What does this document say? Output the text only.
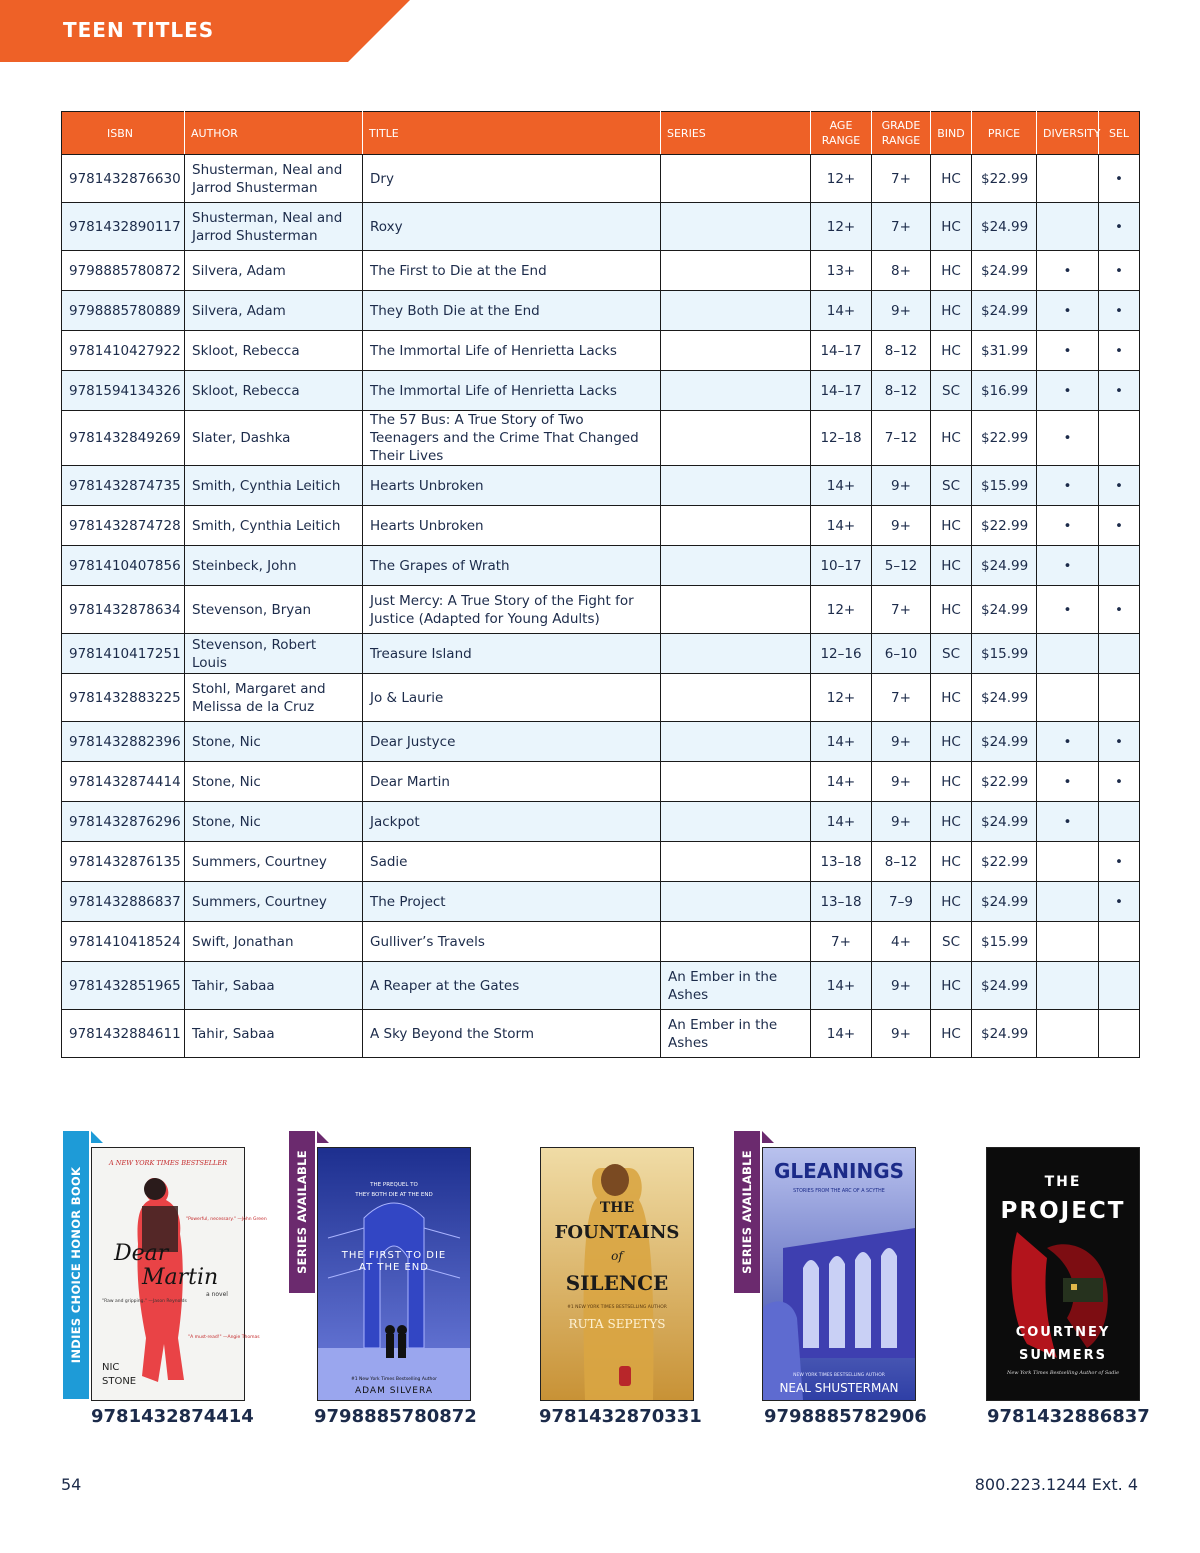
TEEN TITLES
ISBN	AUTHOR	TITLE	SERIES	AGE RANGE	GRADE RANGE	BIND	PRICE	DIVERSITY	SEL
9781432876630	Shusterman, Neal and Jarrod Shusterman	Dry		12+	7+	HC	$22.99		•
9781432890117	Shusterman, Neal and Jarrod Shusterman	Roxy		12+	7+	HC	$24.99		•
9798885780872	Silvera, Adam	The First to Die at the End		13+	8+	HC	$24.99	•	•
9798885780889	Silvera, Adam	They Both Die at the End		14+	9+	HC	$24.99	•	•
9781410427922	Skloot, Rebecca	The Immortal Life of Henrietta Lacks		14–17	8–12	HC	$31.99	•	•
9781594134326	Skloot, Rebecca	The Immortal Life of Henrietta Lacks		14–17	8–12	SC	$16.99	•	•
9781432849269	Slater, Dashka	The 57 Bus: A True Story of Two Teenagers and the Crime That Changed Their Lives		12–18	7–12	HC	$22.99	•	
9781432874735	Smith, Cynthia Leitich	Hearts Unbroken		14+	9+	SC	$15.99	•	•
9781432874728	Smith, Cynthia Leitich	Hearts Unbroken		14+	9+	HC	$22.99	•	•
9781410407856	Steinbeck, John	The Grapes of Wrath		10–17	5–12	HC	$24.99	•	
9781432878634	Stevenson, Bryan	Just Mercy: A True Story of the Fight for Justice (Adapted for Young Adults)		12+	7+	HC	$24.99	•	•
9781410417251	Stevenson, Robert Louis	Treasure Island		12–16	6–10	SC	$15.99		
9781432883225	Stohl, Margaret and Melissa de la Cruz	Jo & Laurie		12+	7+	HC	$24.99		
9781432882396	Stone, Nic	Dear Justyce		14+	9+	HC	$24.99	•	•
9781432874414	Stone, Nic	Dear Martin		14+	9+	HC	$22.99	•	•
9781432876296	Stone, Nic	Jackpot		14+	9+	HC	$24.99	•	
9781432876135	Summers, Courtney	Sadie		13–18	8–12	HC	$22.99		•
9781432886837	Summers, Courtney	The Project		13–18	7–9	HC	$24.99		•
9781410418524	Swift, Jonathan	Gulliver’s Travels		7+	4+	SC	$15.99		
9781432851965	Tahir, Sabaa	A Reaper at the Gates	An Ember in the Ashes	14+	9+	HC	$24.99		
9781432884611	Tahir, Sabaa	A Sky Beyond the Storm	An Ember in the Ashes	14+	9+	HC	$24.99		
INDIES CHOICE HONOR BOOK
A NEW YORK TIMES BESTSELLER
Dear
Martin
a novel
"Powerful, necessary." —John Green
"Raw and gripping." —Jason Reynolds
"A must-read!" —Angie Thomas
NIC
STONE
9781432874414
SERIES AVAILABLE	THE PREQUEL TO
THEY BOTH DIE AT THE END
THE FIRST TO DIE
AT THE END
#1 New York Times Bestselling Author
ADAM SILVERA
9798885780872
THE
FOUNTAINS
of
SILENCE
#1 NEW YORK TIMES BESTSELLING AUTHOR
RUTA SEPETYS
9781432870331
SERIES AVAILABLE GLEANINGS
STORIES FROM THE ARC OF A SCYTHE
NEW YORK TIMES BESTSELLING AUTHOR
NEAL SHUSTERMAN
9798885782906
THE
PROJECT
COURTNEY
SUMMERS
New York Times Bestselling Author of Sadie
9781432886837
54	800.223.1244 Ext. 4
